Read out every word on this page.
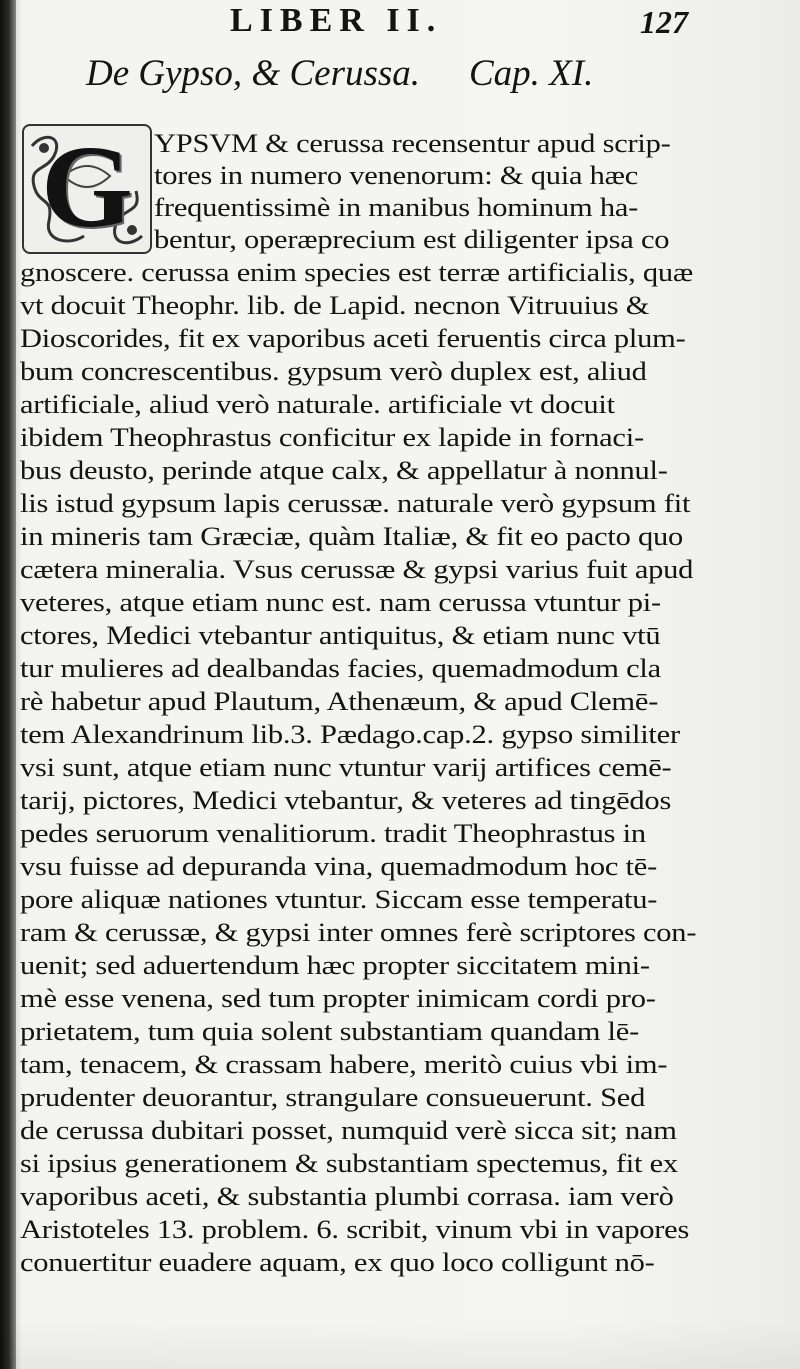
LIBER II.	127
De Gypso, & Cerussa. Cap. XI.
G YPSVM & cerussa recensentur apud scrip-
tores in numero venenorum: & quia hæc
frequentissimè in manibus hominum ha-
bentur, operæprecium est diligenter ipsa co
gnoscere. cerussa enim species est terræ artificialis, quæ
vt docuit Theophr. lib. de Lapid. necnon Vitruuius &
Dioscorides, fit ex vaporibus aceti feruentis circa plum-
bum concrescentibus. gypsum verò duplex est, aliud
artificiale, aliud verò naturale. artificiale vt docuit
ibidem Theophrastus conficitur ex lapide in fornaci-
bus deusto, perinde atque calx, & appellatur à nonnul-
lis istud gypsum lapis cerussæ. naturale verò gypsum fit
in mineris tam Græciæ, quàm Italiæ, & fit eo pacto quo
cætera mineralia. Vsus cerussæ & gypsi varius fuit apud
veteres, atque etiam nunc est. nam cerussa vtuntur pi-
ctores, Medici vtebantur antiquitus, & etiam nunc vtū
tur mulieres ad dealbandas facies, quemadmodum cla
rè habetur apud Plautum, Athenæum, & apud Clemē-
tem Alexandrinum lib.3. Pædago.cap.2. gypso similiter
vsi sunt, atque etiam nunc vtuntur varij artifices cemē-
tarij, pictores, Medici vtebantur, & veteres ad tingēdos
pedes seruorum venalitiorum. tradit Theophrastus in
vsu fuisse ad depuranda vina, quemadmodum hoc tē-
pore aliquæ nationes vtuntur. Siccam esse temperatu-
ram & cerussæ, & gypsi inter omnes ferè scriptores con-
uenit; sed aduertendum hæc propter siccitatem mini-
mè esse venena, sed tum propter inimicam cordi pro-
prietatem, tum quia solent substantiam quandam lē-
tam, tenacem, & crassam habere, meritò cuius vbi im-
prudenter deuorantur, strangulare consueuerunt. Sed
de cerussa dubitari posset, numquid verè sicca sit; nam
si ipsius generationem & substantiam spectemus, fit ex
vaporibus aceti, & substantia plumbi corrasa. iam verò
Aristoteles 13. problem. 6. scribit, vinum vbi in vapores
conuertitur euadere aquam, ex quo loco colligunt nō-
